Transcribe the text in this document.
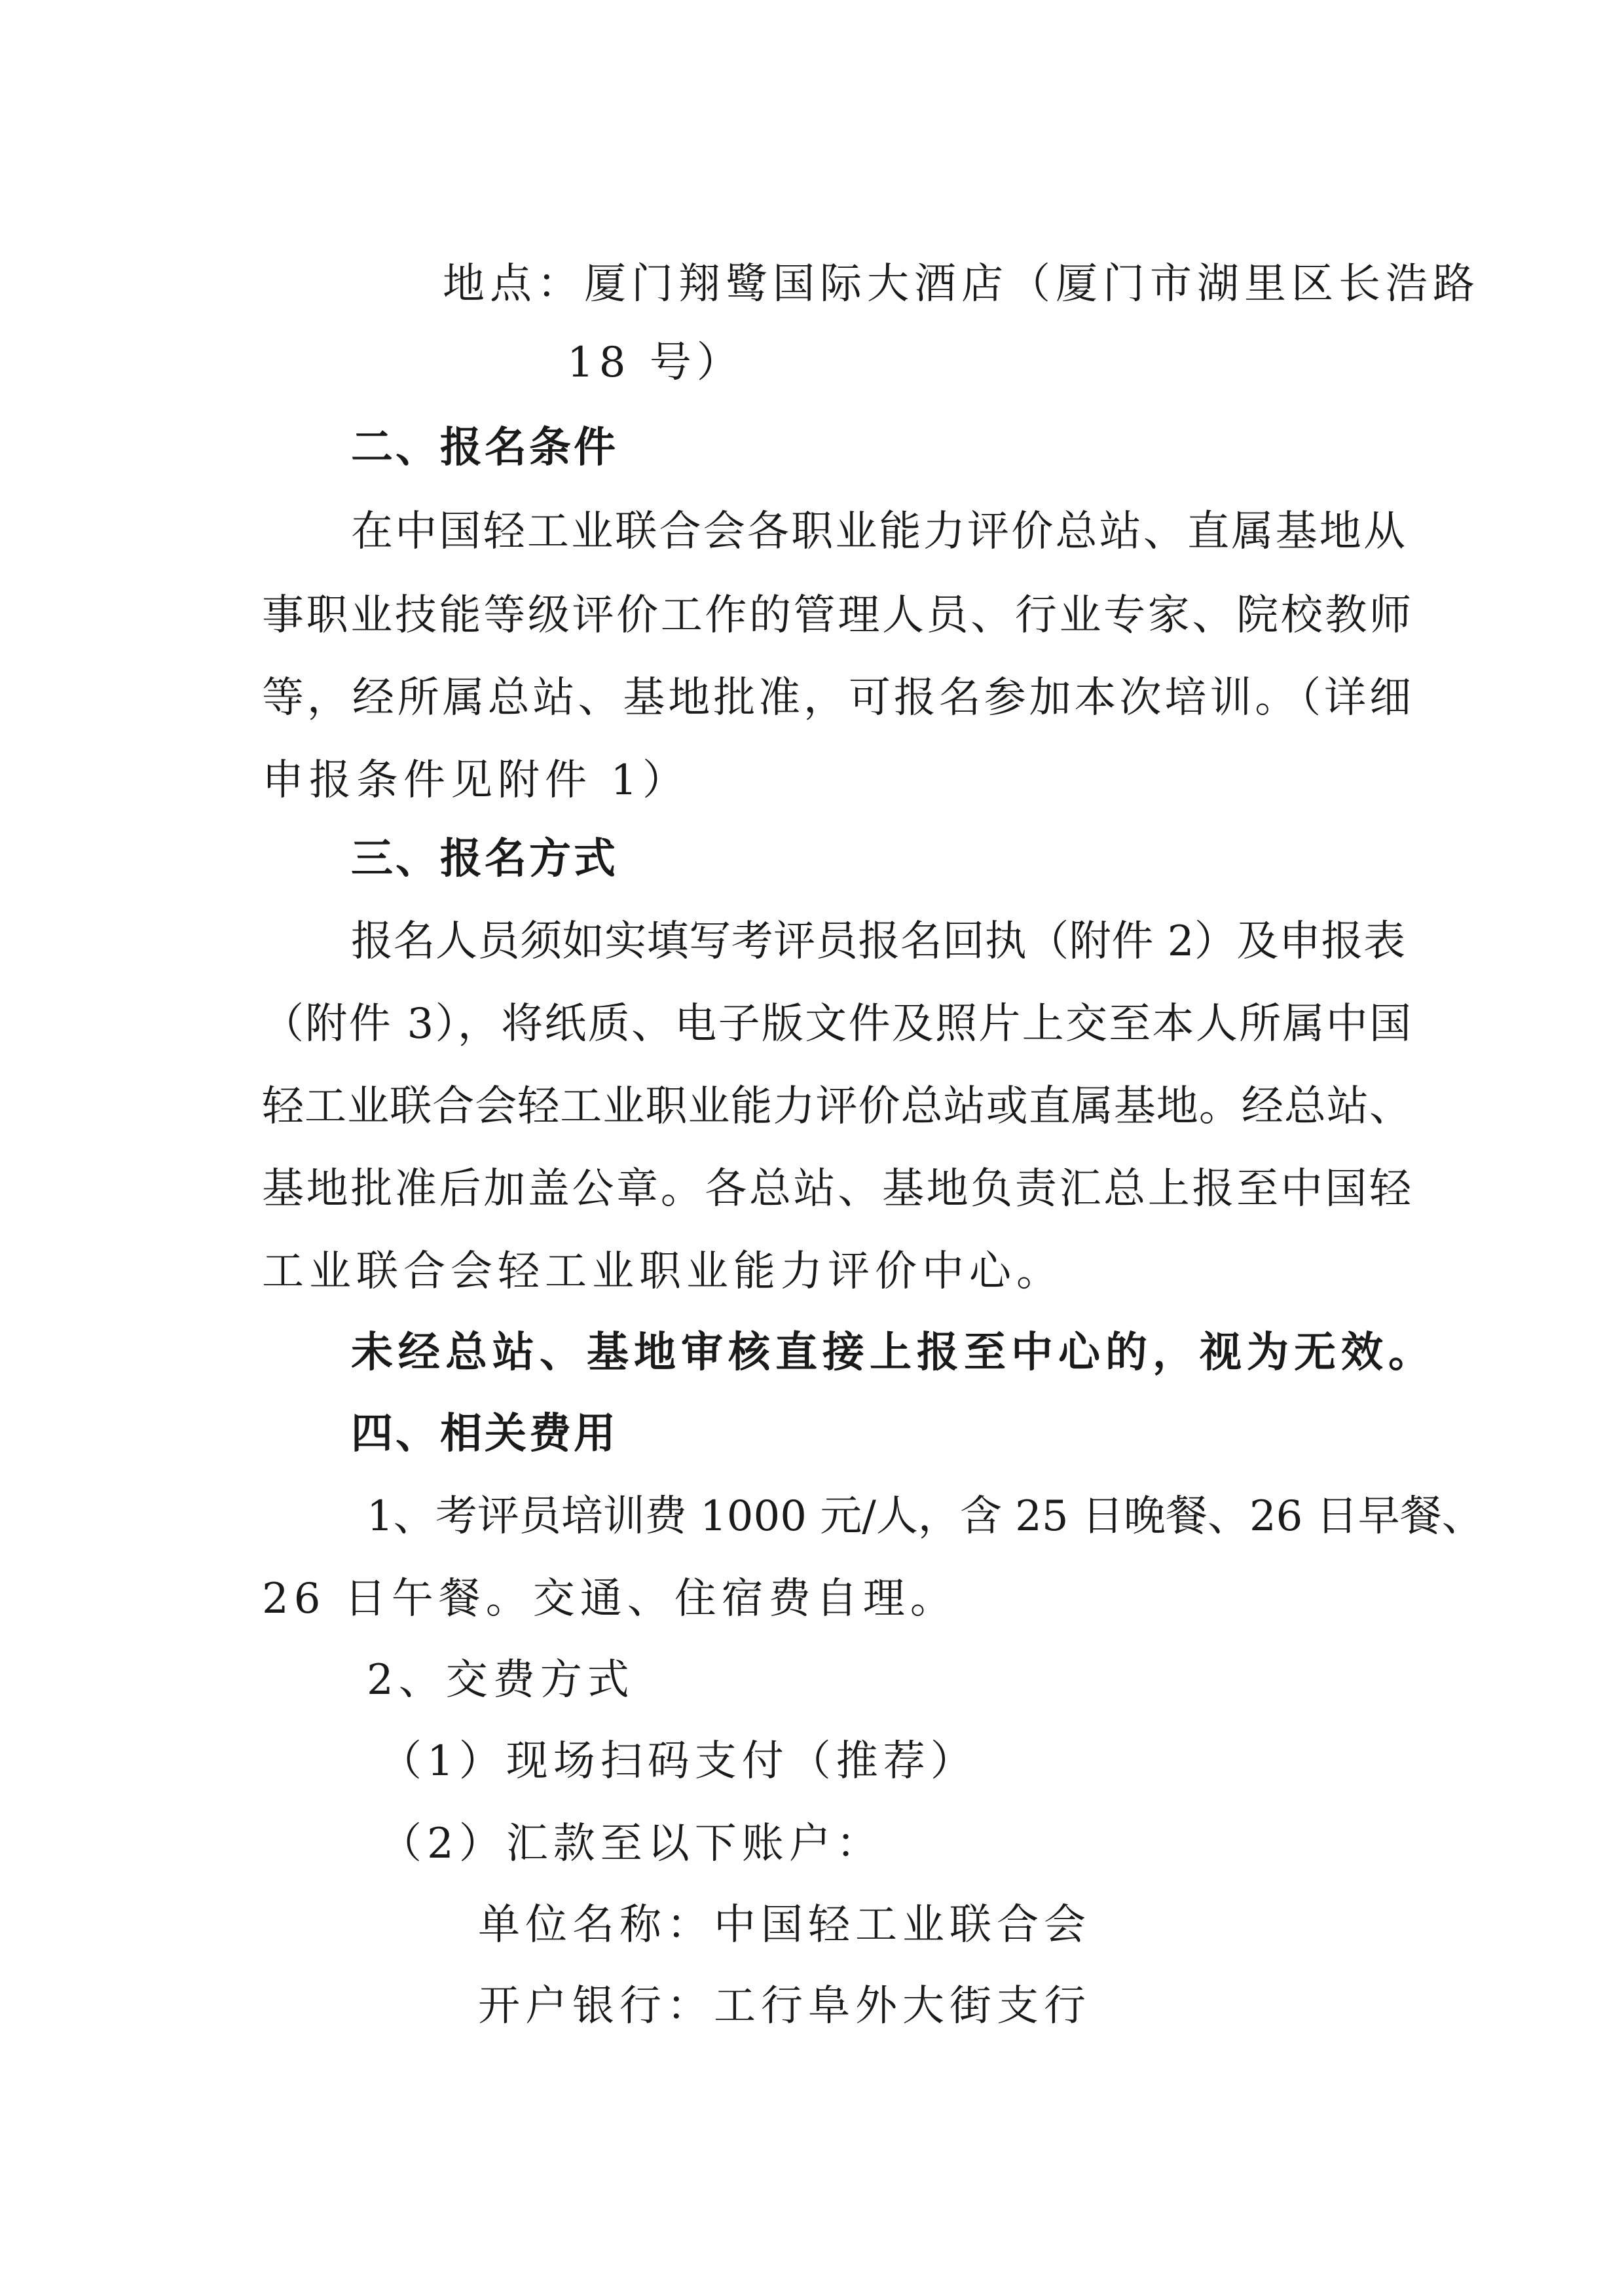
地点：厦门翔鹭国际大酒店（厦门市湖里区长浩路
18 号）
二、报名条件
在中国轻工业联合会各职业能力评价总站、直属基地从
事职业技能等级评价工作的管理人员、行业专家、院校教师
等，经所属总站、基地批准，可报名参加本次培训。（详细
申报条件见附件 1）
三、报名方式
报名人员须如实填写考评员报名回执（附件 2）及申报表
（附件 3），将纸质、电子版文件及照片上交至本人所属中国
轻工业联合会轻工业职业能力评价总站或直属基地。经总站、
基地批准后加盖公章。各总站、基地负责汇总上报至中国轻
工业联合会轻工业职业能力评价中心。
未经总站、基地审核直接上报至中心的，视为无效。
四、相关费用
1、考评员培训费 1000 元/人，含 25 日晚餐、26 日早餐、
26 日午餐。交通、住宿费自理。
2、交费方式
（1）现场扫码支付（推荐）
（2）汇款至以下账户：
单位名称：中国轻工业联合会
开户银行：工行阜外大街支行
